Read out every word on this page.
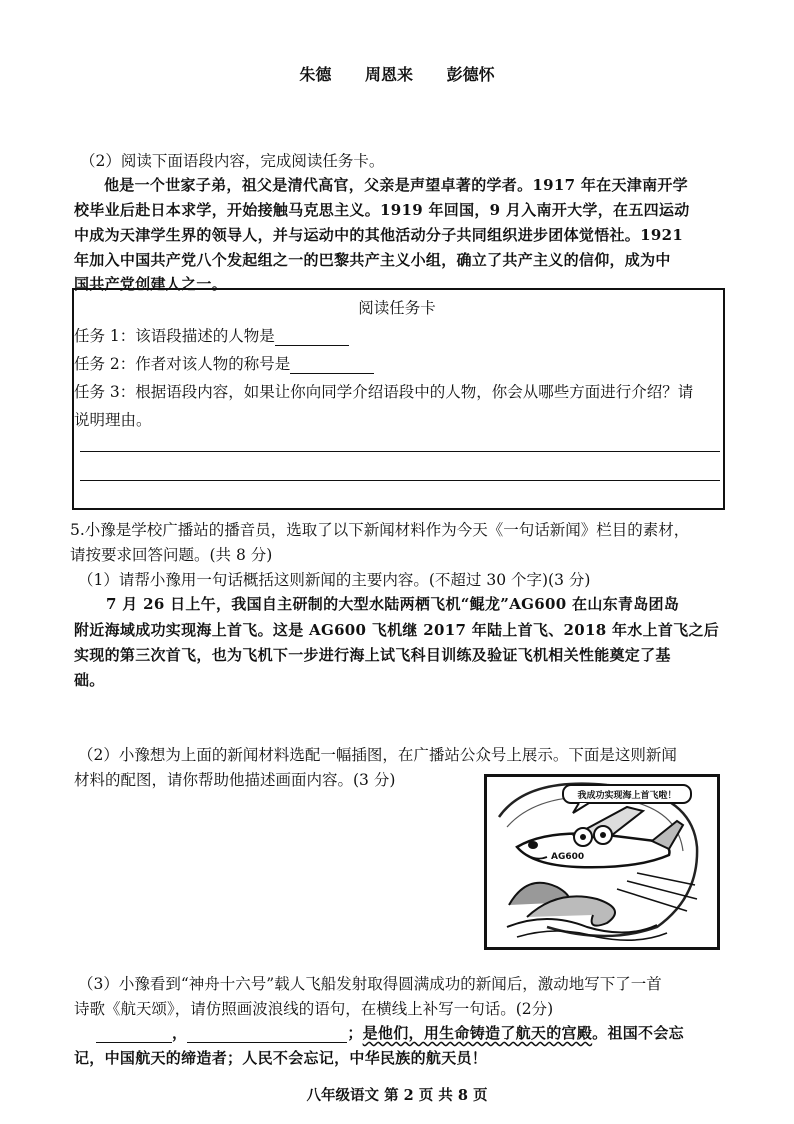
朱德 周恩来 彭德怀
（2）阅读下面语段内容，完成阅读任务卡。
他是一个世家子弟，祖父是清代高官，父亲是声望卓著的学者。1917 年在天津南开学
校毕业后赴日本求学，开始接触马克思主义。1919 年回国，9 月入南开大学，在五四运动
中成为天津学生界的领导人，并与运动中的其他活动分子共同组织进步团体觉悟社。1921
年加入中国共产党八个发起组之一的巴黎共产主义小组，确立了共产主义的信仰，成为中
国共产党创建人之一。
阅读任务卡
任务 1：该语段描述的人物是
任务 2：作者对该人物的称号是
任务 3：根据语段内容，如果让你向同学介绍语段中的人物，你会从哪些方面进行介绍？请
说明理由。
5.小豫是学校广播站的播音员，选取了以下新闻材料作为今天《一句话新闻》栏目的素材，
请按要求回答问题。(共 8 分)
（1）请帮小豫用一句话概括这则新闻的主要内容。(不超过 30 个字)(3 分)
7 月 26 日上午，我国自主研制的大型水陆两栖飞机“鲲龙”AG600 在山东青岛团岛
附近海域成功实现海上首飞。这是 AG600 飞机继 2017 年陆上首飞、2018 年水上首飞之后
实现的第三次首飞，也为飞机下一步进行海上试飞科目训练及验证飞机相关性能奠定了基
础。
（2）小豫想为上面的新闻材料选配一幅插图，在广播站公众号上展示。下面是这则新闻
材料的配图，请你帮助他描述画面内容。(3 分)
我成功实现海上首飞啦！
AG600
（3）小豫看到“神舟十六号”载人飞船发射取得圆满成功的新闻后，激动地写下了一首
诗歌《航天颂》，请仿照画波浪线的语句，在横线上补写一句话。(2分)
，	；是他们，用生命铸造了航天的宫殿。祖国不会忘
记，中国航天的缔造者；人民不会忘记，中华民族的航天员！
八年级语文 第 2 页 共 8 页
